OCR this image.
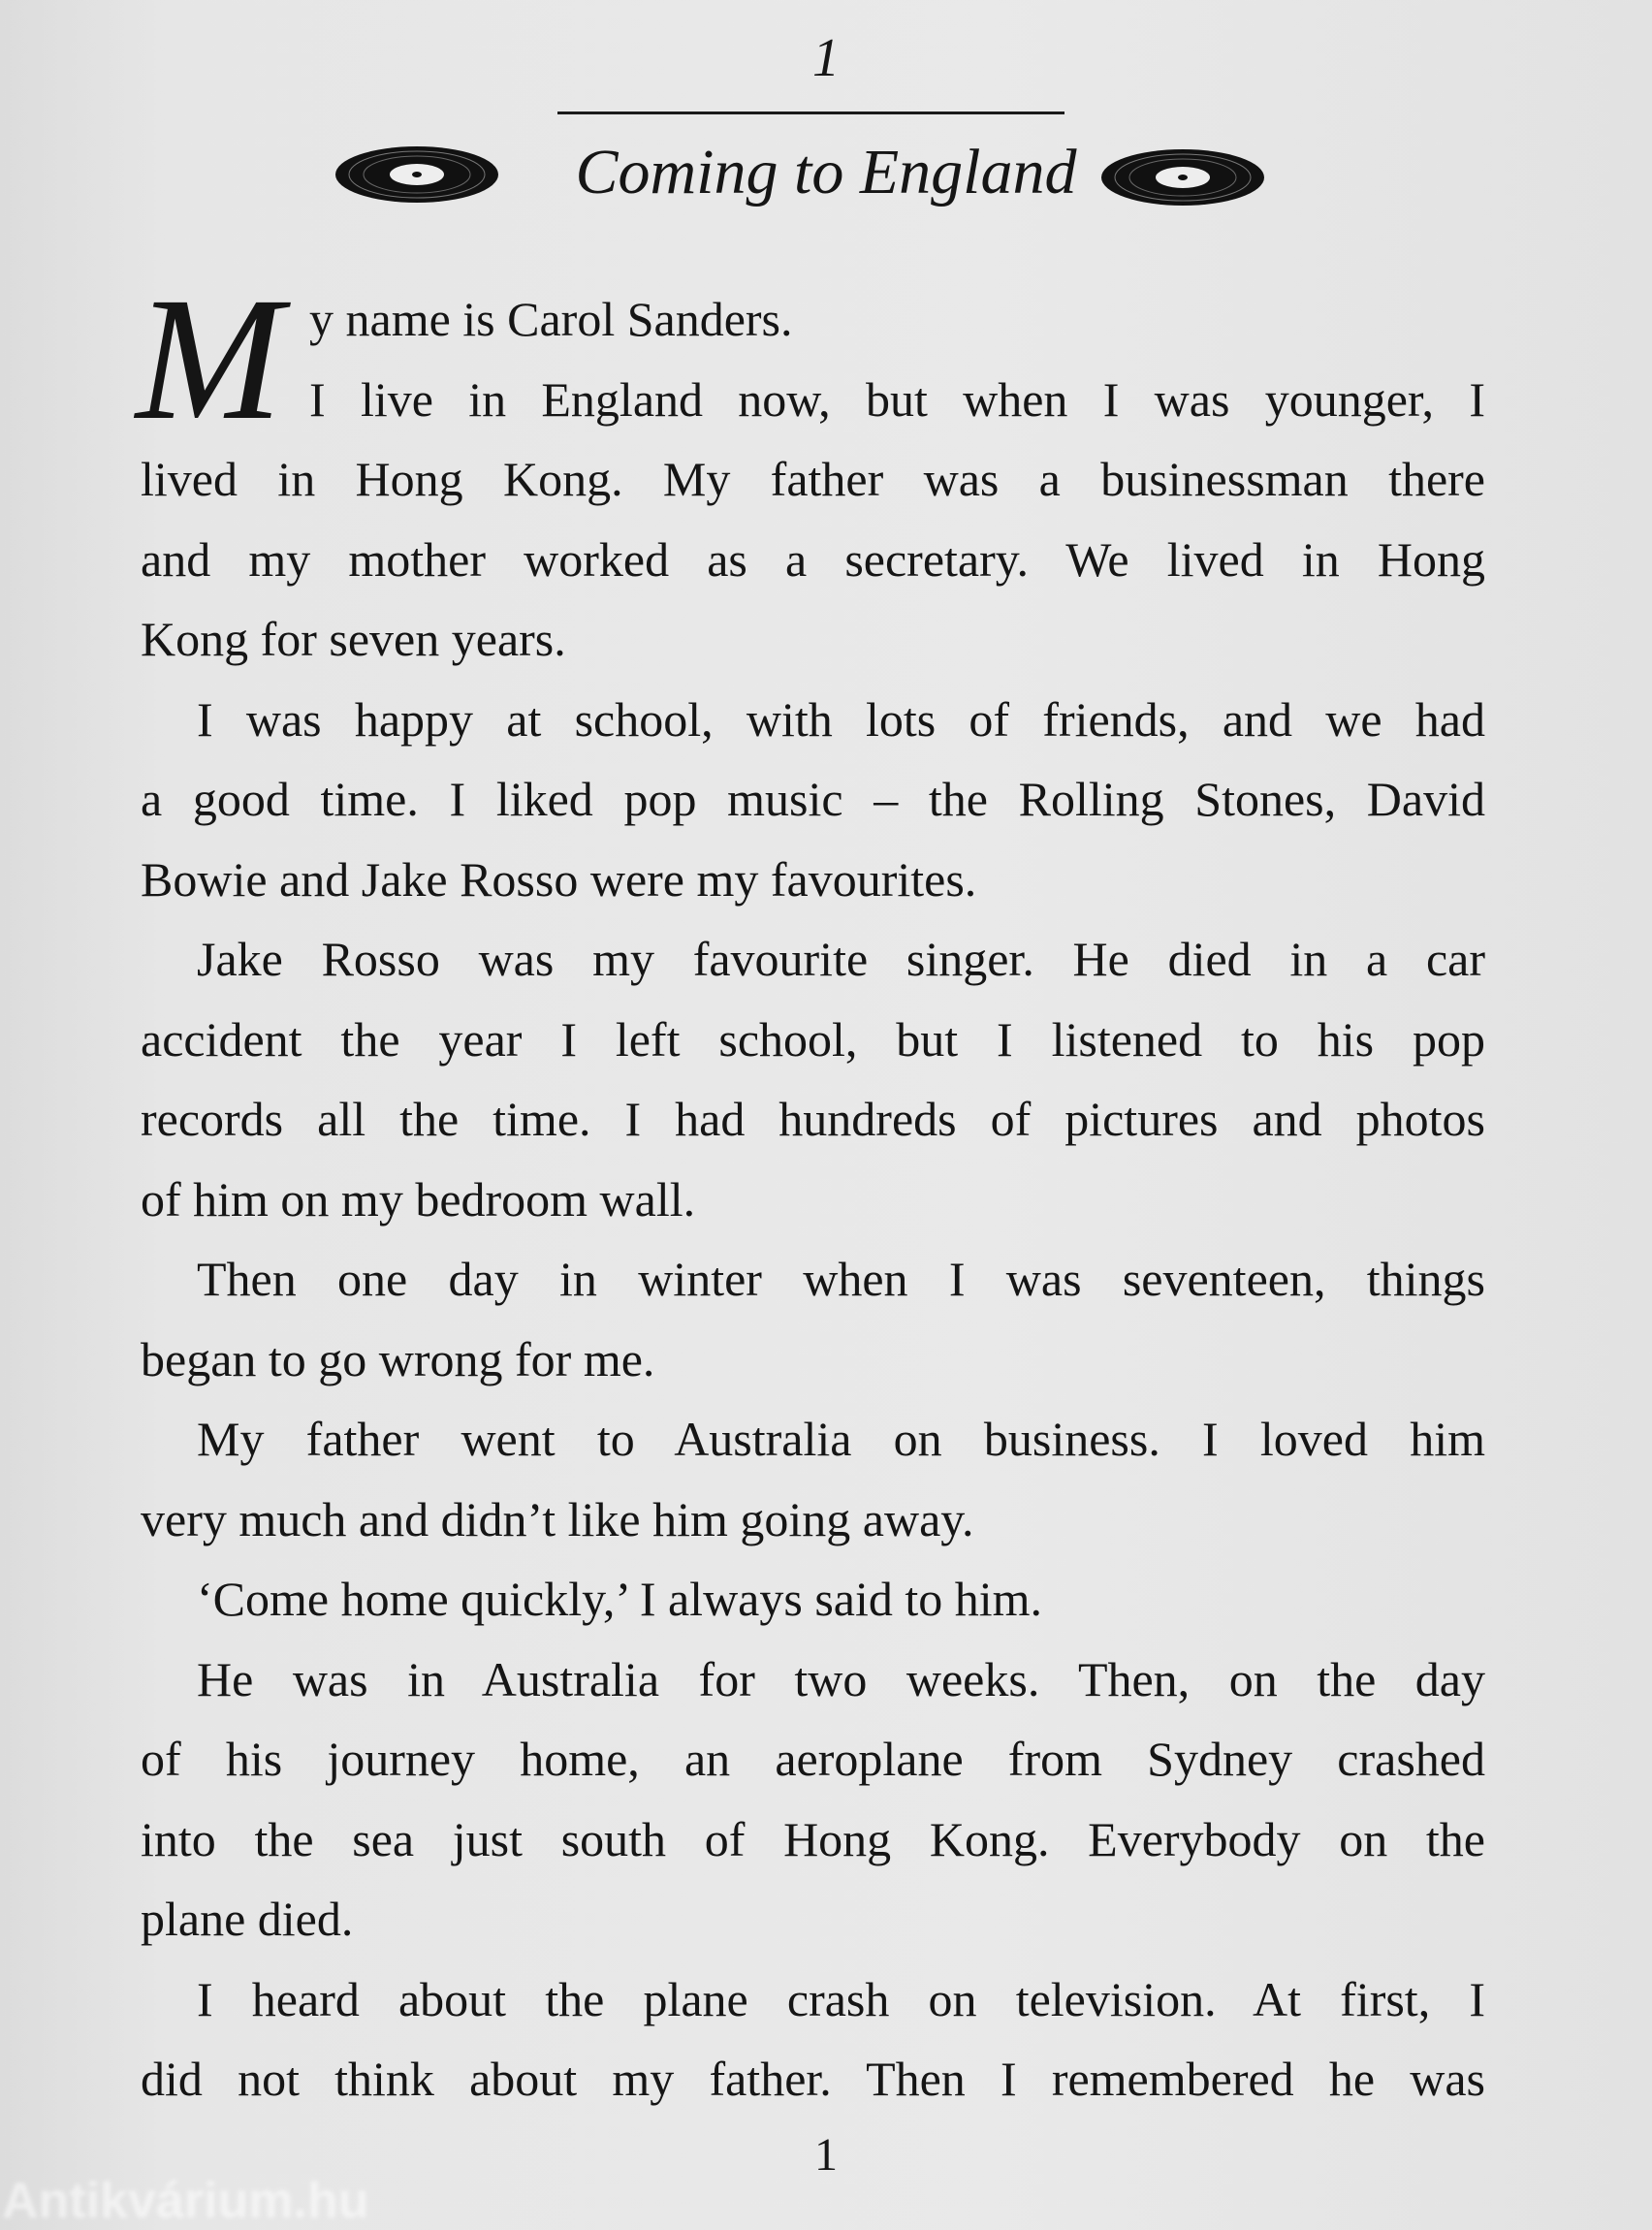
1
Coming to England
M y name is Carol Sanders.
I live in England now, but when I was younger, I
lived in Hong Kong. My father was a businessman there
and my mother worked as a secretary. We lived in Hong
Kong for seven years.
I was happy at school, with lots of friends, and we had
a good time. I liked pop music – the Rolling Stones, David
Bowie and Jake Rosso were my favourites.
Jake Rosso was my favourite singer. He died in a car
accident the year I left school, but I listened to his pop
records all the time. I had hundreds of pictures and photos
of him on my bedroom wall.
Then one day in winter when I was seventeen, things
began to go wrong for me.
My father went to Australia on business. I loved him
very much and didn’t like him going away.
‘Come home quickly,’ I always said to him.
He was in Australia for two weeks. Then, on the day
of his journey home, an aeroplane from Sydney crashed
into the sea just south of Hong Kong. Everybody on the
plane died.
I heard about the plane crash on television. At first, I
did not think about my father. Then I remembered he was
1
Antikvárium.hu
